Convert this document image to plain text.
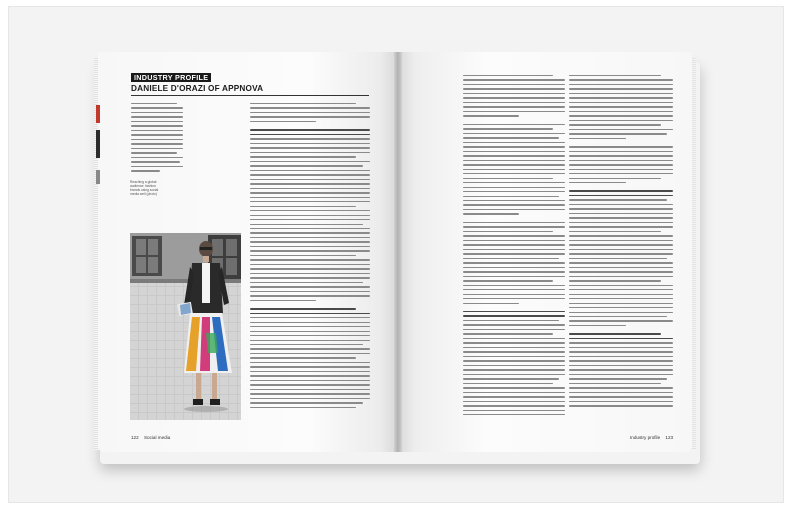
INDUSTRY PROFILE
DANIELE D'ORAZI OF APPNOVA
Reaching a global audience: fashion brands using social media well (photo)
122 Social media	Industry profile 123
